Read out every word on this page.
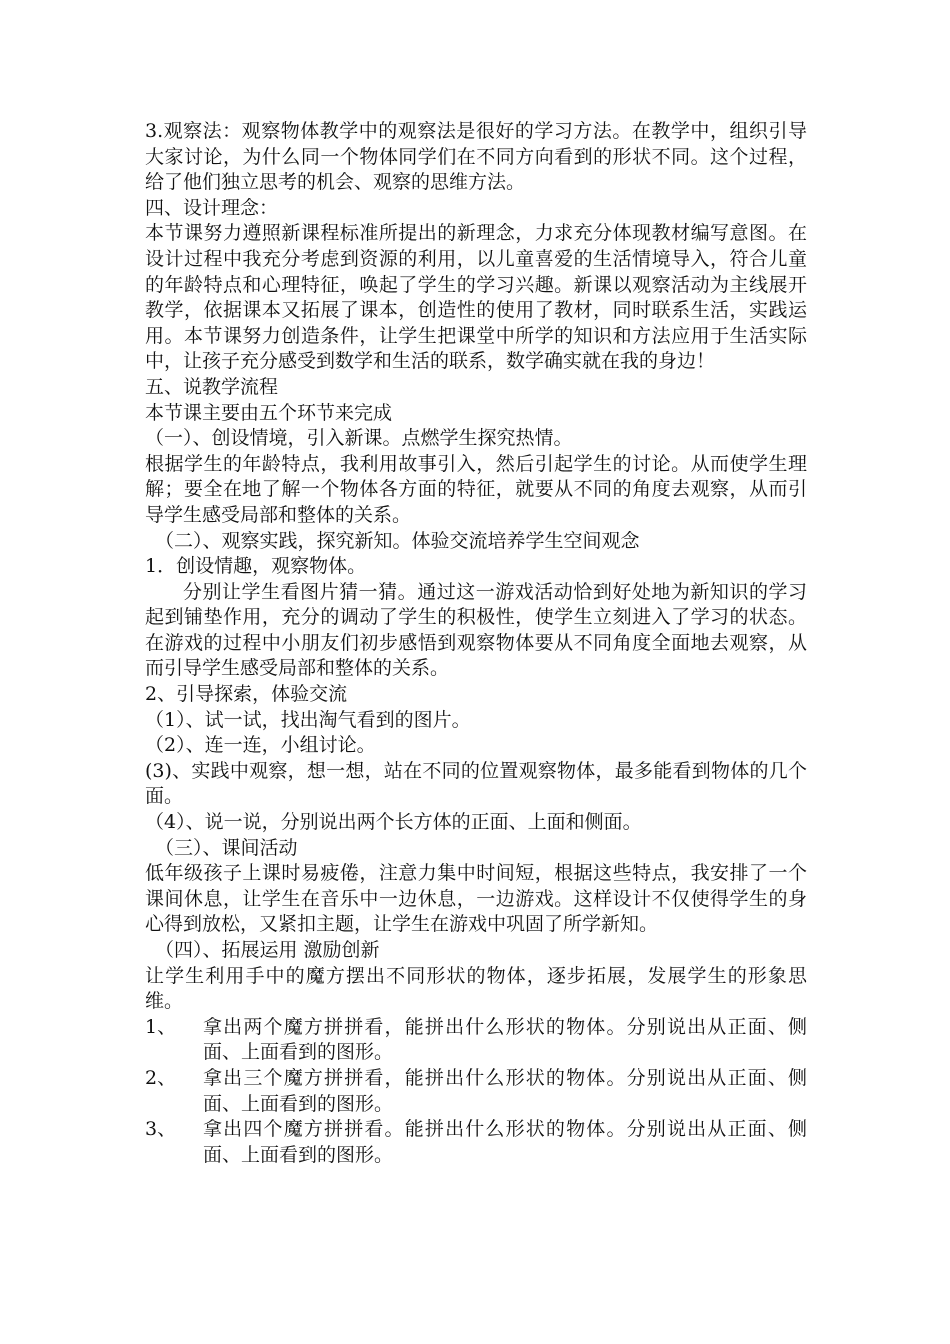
3.观察法：观察物体教学中的观察法是很好的学习方法。在教学中，组织引导大家讨论，为什么同一个物体同学们在不同方向看到的形状不同。这个过程，给了他们独立思考的机会、观察的思维方法。

四、设计理念：

本节课努力遵照新课程标准所提出的新理念，力求充分体现教材编写意图。在设计过程中我充分考虑到资源的利用，以儿童喜爱的生活情境导入，符合儿童的年龄特点和心理特征，唤起了学生的学习兴趣。新课以观察活动为主线展开教学，依据课本又拓展了课本，创造性的使用了教材，同时联系生活，实践运用。本节课努力创造条件，让学生把课堂中所学的知识和方法应用于生活实际中，让孩子充分感受到数学和生活的联系，数学确实就在我的身边！

五、说教学流程

本节课主要由五个环节来完成

（一）、创设情境，引入新课。点燃学生探究热情。

根据学生的年龄特点，我利用故事引入，然后引起学生的讨论。从而使学生理解；要全在地了解一个物体各方面的特征，就要从不同的角度去观察，从而引导学生感受局部和整体的关系。

（二）、观察实践，探究新知。体验交流培养学生空间观念

1．创设情趣，观察物体。

分别让学生看图片猜一猜。通过这一游戏活动恰到好处地为新知识的学习起到铺垫作用，充分的调动了学生的积极性，使学生立刻进入了学习的状态。在游戏的过程中小朋友们初步感悟到观察物体要从不同角度全面地去观察，从而引导学生感受局部和整体的关系。

2、引导探索，体验交流

（1）、试一试，找出淘气看到的图片。

（2）、连一连，小组讨论。

(3)、实践中观察，想一想，站在不同的位置观察物体，最多能看到物体的几个面。

（4）、说一说，分别说出两个长方体的正面、上面和侧面。

（三）、课间活动

低年级孩子上课时易疲倦，注意力集中时间短，根据这些特点，我安排了一个课间休息，让学生在音乐中一边休息，一边游戏。这样设计不仅使得学生的身心得到放松，又紧扣主题，让学生在游戏中巩固了所学新知。

（四）、拓展运用 激励创新

让学生利用手中的魔方摆出不同形状的物体，逐步拓展，发展学生的形象思维。

1、	拿出两个魔方拼拼看，能拼出什么形状的物体。分别说出从正面、侧面、上面看到的图形。
2、	拿出三个魔方拼拼看，能拼出什么形状的物体。分别说出从正面、侧面、上面看到的图形。
3、	拿出四个魔方拼拼看。能拼出什么形状的物体。分别说出从正面、侧面、上面看到的图形。
